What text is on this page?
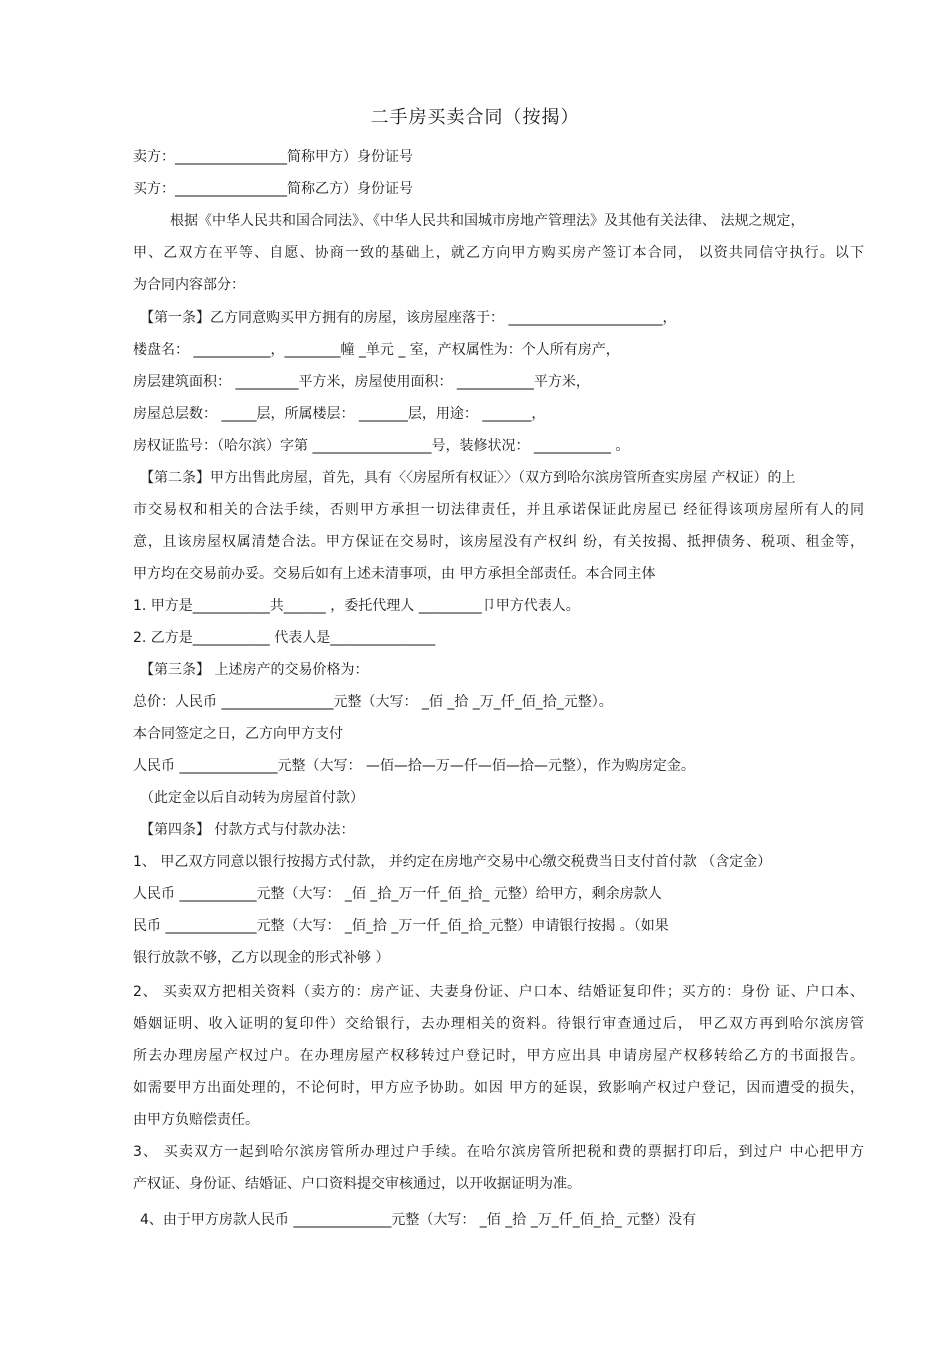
二手房买卖合同（按揭）
卖方：________________简称甲方）身份证号
买方：________________简称乙方）身份证号
根据《中华人民共和国合同法》、《中华人民共和国城市房地产管理法》及其他有关法律、 法规之规定，
甲、乙双方在平等、自愿、协商一致的基础上，就乙方向甲方购买房产签订本合同， 以资共同信守执行。以下
为合同内容部分：
【第一条】乙方同意购买甲方拥有的房屋，该房屋座落于： ______________________，
楼盘名： ___________，________幢 _单元 _ 室，产权属性为：个人所有房产，
房层建筑面积： _________平方米，房屋使用面积： ___________平方米，
房屋总层数： _____层，所属楼层： _______层，用途： _______，
房权证监号：（哈尔滨）字第 _________________号，装修状况： ___________ 。
【第二条】甲方出售此房屋，首先，具有〈〈房屋所有权证〉〉（双方到哈尔滨房管所查实房屋 产权证）的上
市交易权和相关的合法手续，否则甲方承担一切法律责任，并且承诺保证此房屋已 经征得该项房屋所有人的同
意，且该房屋权属清楚合法。甲方保证在交易时，该房屋没有产权纠 纷，有关按揭、抵押债务、税项、租金等，
甲方均在交易前办妥。交易后如有上述未清事项，由 甲方承担全部责任。本合同主体
1. 甲方是___________共______ ，委托代理人 _________卩甲方代表人。
2. 乙方是___________ 代表人是_______________
【第三条】 上述房产的交易价格为：
总价：人民币 ________________元整（大写： _佰 _拾 _万_仟_佰_拾_元整）。
本合同签定之日，乙方向甲方支付
人民币 ______________元整（大写： —佰—拾—万—仟—佰—拾—元整），作为购房定金。
（此定金以后自动转为房屋首付款）
【第四条】 付款方式与付款办法：
1、 甲乙双方同意以银行按揭方式付款， 并约定在房地产交易中心缴交税费当日支付首付款 （含定金）
人民币 ___________元整（大写： _佰 _拾_万一仟_佰_拾_ 元整）给甲方，剩余房款人
民币 _____________元整（大写： _佰_拾 _万一仟_佰_拾_元整）申请银行按揭 。（如果
银行放款不够，乙方以现金的形式补够 ）
2、 买卖双方把相关资料（卖方的：房产证、夫妻身份证、户口本、结婚证复印件；买方的：身份 证、户口本、
婚姻证明、收入证明的复印件）交给银行，去办理相关的资料。待银行审查通过后， 甲乙双方再到哈尔滨房管
所去办理房屋产权过户。在办理房屋产权移转过户登记时，甲方应出具 申请房屋产权移转给乙方的书面报告。
如需要甲方出面处理的，不论何时，甲方应予协助。如因 甲方的延误，致影响产权过户登记，因而遭受的损失，
由甲方负赔偿责任。
3、 买卖双方一起到哈尔滨房管所办理过户手续。在哈尔滨房管所把税和费的票据打印后，到过户 中心把甲方
产权证、身份证、结婚证、户口资料提交审核通过，以开收据证明为准。
4、由于甲方房款人民币 ______________元整（大写： _佰 _拾 _万_仟_佰_拾_ 元整）没有
